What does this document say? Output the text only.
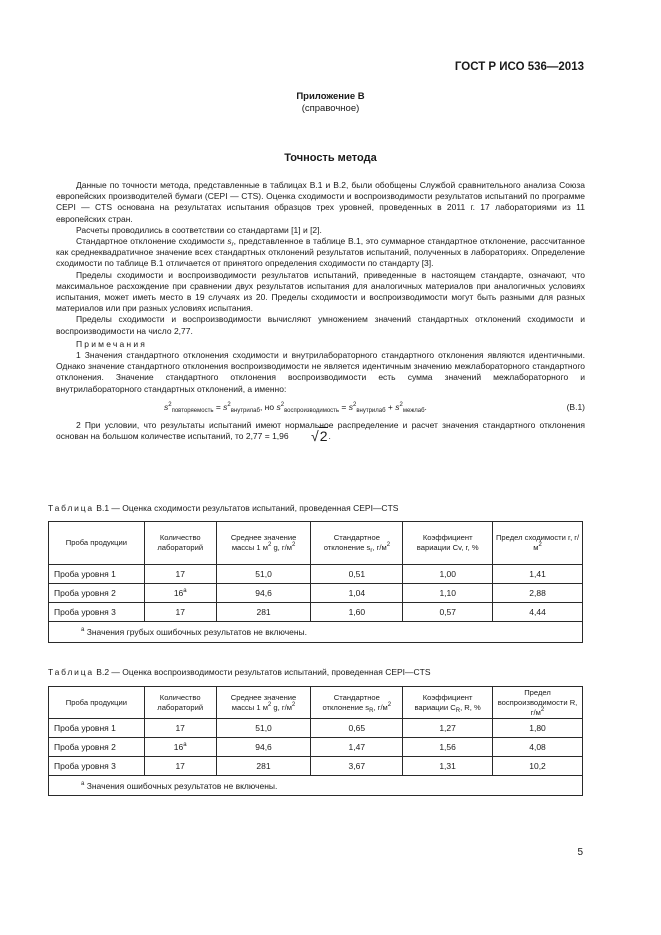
ГОСТ Р ИСО 536—2013
Приложение В
(справочное)
Точность метода

Данные по точности метода, представленные в таблицах В.1 и В.2, были обобщены Службой сравнительного анализа Союза европейских производителей бумаги (CEPI — CTS). Оценка сходимости и воспроизводимости результатов испытаний по программе CEPI — CTS основана на результатах испытания образцов трех уровней, проведенных в 2011 г. 17 лабораториями из 11 европейских стран.

Расчеты проводились в соответствии со стандартами [1] и [2].

Стандартное отклонение сходимости $s_r$, представленное в таблице В.1, это суммарное стандартное отклонение, рассчитанное как среднеквадратичное значение всех стандартных отклонений результатов испытаний, полученных в лабораториях. Определение сходимости по таблице В.1 отличается от принятого определения сходимости по стандарту [3].

Пределы сходимости и воспроизводимости результатов испытаний, приведенные в настоящем стандарте, означают, что максимальное расхождение при сравнении двух результатов испытания для аналогичных материалов при аналогичных условиях испытания, может иметь место в 19 случаях из 20. Пределы сходимости и воспроизводимости могут быть разными для разных материалов или при разных условиях испытания.

Пределы сходимости и воспроизводимости вычисляют умножением значений стандартных отклонений сходимости и воспроизводимости на число 2,77.

Примечания

1 Значения стандартного отклонения сходимости и внутрилабораторного стандартного отклонения являются идентичными. Однако значение стандартного отклонения воспроизводимости не является идентичным значению межлабораторного стандартного отклонения. Значение стандартного отклонения воспроизводимости есть сумма значений межлабораторного и внутрилабораторного стандартных отклонений, а именно:

$s^2_{повторяемость} = s^2_{внутрилаб}$, но $s^2_{воспроизводимость} = s^2_{внутрилаб} + s^2_{межлаб}$.	(В.1)

2 При условии, что результаты испытаний имеют нормальное распределение и расчет значения стандартного отклонения основан на большом количестве испытаний, то 2,77 = 1,96 √2.

Таблица В.1 — Оценка сходимости результатов испытаний, проведенная CEPI—CTS
Проба продукции	Количество лабораторий	Среднее значение массы 1 $м^2$ g, $г/м^2$	Стандартное отклонение $s_r$, $г/м^2$	Коэффициент вариации Cv, r, %	Предел сходимости r, $г/м^2$
Проба уровня 1	17	51,0	0,51	1,00	1,41
Проба уровня 2	$16^а$	94,6	1,04	1,10	2,88
Проба уровня 3	17	281	1,60	0,57	4,44
$^а$ Значения грубых ошибочных результатов не включены.					
Таблица В.2 — Оценка воспроизводимости результатов испытаний, проведенная CEPI—CTS
Проба продукции	Количество лабораторий	Среднее значение массы 1 $м^2$ g, $г/м^2$	Стандартное отклонение $s_R$, $г/м^2$	Коэффициент вариации $C_R$, R, %	Предел воспроизводимости R, $г/м^2$
Проба уровня 1	17	51,0	0,65	1,27	1,80
Проба уровня 2	$16^а$	94,6	1,47	1,56	4,08
Проба уровня 3	17	281	3,67	1,31	10,2
$^а$ Значения ошибочных результатов не включены.					
5
